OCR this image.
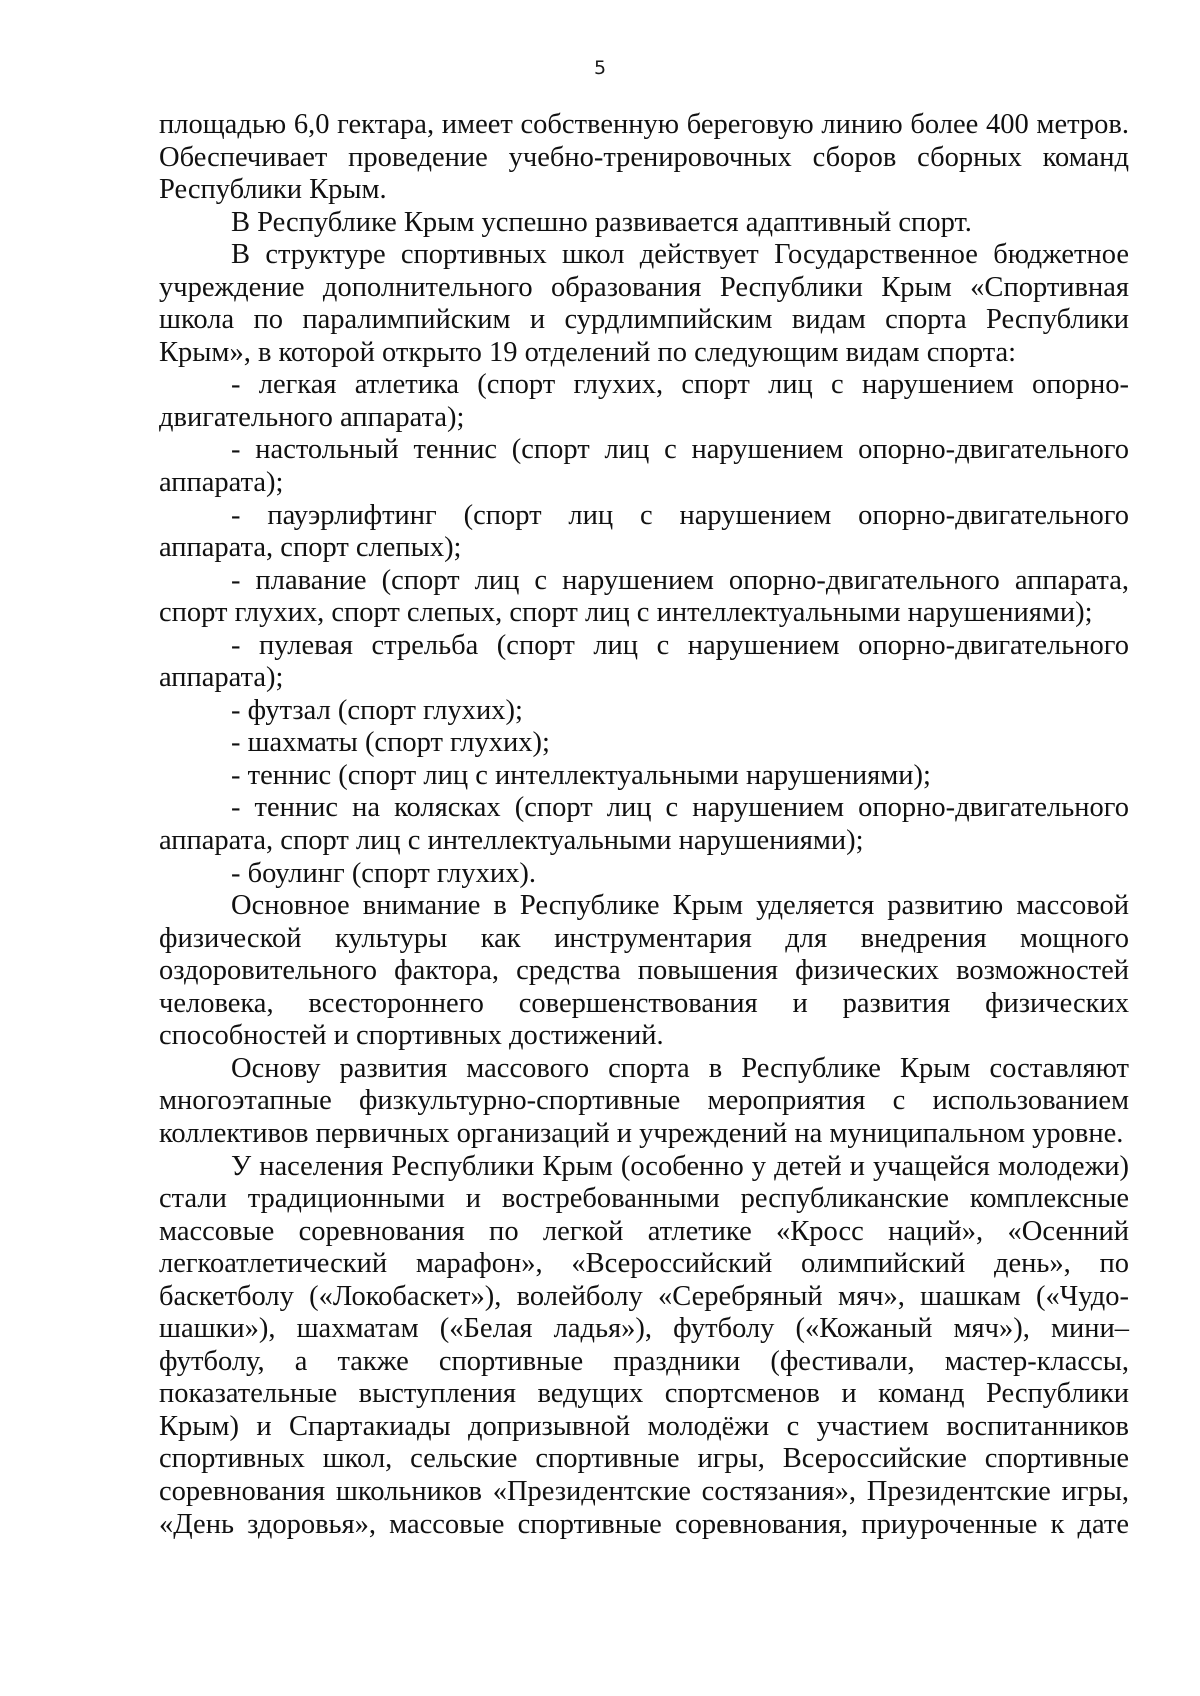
5

площадью 6,0 гектара, имеет собственную береговую линию более 400 метров. Обеспечивает проведение учебно-тренировочных сборов сборных команд Республики Крым.

В Республике Крым успешно развивается адаптивный спорт.

В структуре спортивных школ действует Государственное бюджетное учреждение дополнительного образования Республики Крым «Спортивная школа по паралимпийским и сурдлимпийским видам спорта Республики Крым», в которой открыто 19 отделений по следующим видам спорта:

- легкая атлетика (спорт глухих, спорт лиц с нарушением опорно-двигательного аппарата);

- настольный теннис (спорт лиц с нарушением опорно-двигательного аппарата);

- пауэрлифтинг (спорт лиц с нарушением опорно-двигательного аппарата, спорт слепых);

- плавание (спорт лиц с нарушением опорно-двигательного аппарата, спорт глухих, спорт слепых, спорт лиц с интеллектуальными нарушениями);

- пулевая стрельба (спорт лиц с нарушением опорно-двигательного аппарата);

- футзал (спорт глухих);

- шахматы (спорт глухих);

- теннис (спорт лиц с интеллектуальными нарушениями);

- теннис на колясках (спорт лиц с нарушением опорно-двигательного аппарата, спорт лиц с интеллектуальными нарушениями);

- боулинг (спорт глухих).

Основное внимание в Республике Крым уделяется развитию массовой физической культуры как инструментария для внедрения мощного оздоровительного фактора, средства повышения физических возможностей человека, всестороннего совершенствования и развития физических способностей и спортивных достижений.

Основу развития массового спорта в Республике Крым составляют многоэтапные физкультурно-спортивные мероприятия с использованием коллективов первичных организаций и учреждений на муниципальном уровне.

У населения Республики Крым (особенно у детей и учащейся молодежи) стали традиционными и востребованными республиканские комплексные массовые соревнования по легкой атлетике «Кросс наций», «Осенний легкоатлетический марафон», «Всероссийский олимпийский день», по баскетболу («Локобаскет»), волейболу «Серебряный мяч», шашкам («Чудо-шашки»), шахматам («Белая ладья»), футболу («Кожаный мяч»), мини–футболу, а также спортивные праздники (фестивали, мастер-классы, показательные выступления ведущих спортсменов и команд Республики Крым) и Спартакиады допризывной молодёжи с участием воспитанников спортивных школ, сельские спортивные игры, Всероссийские спортивные соревнования школьников «Президентские состязания», Президентские игры, «День здоровья», массовые спортивные соревнования, приуроченные к дате
